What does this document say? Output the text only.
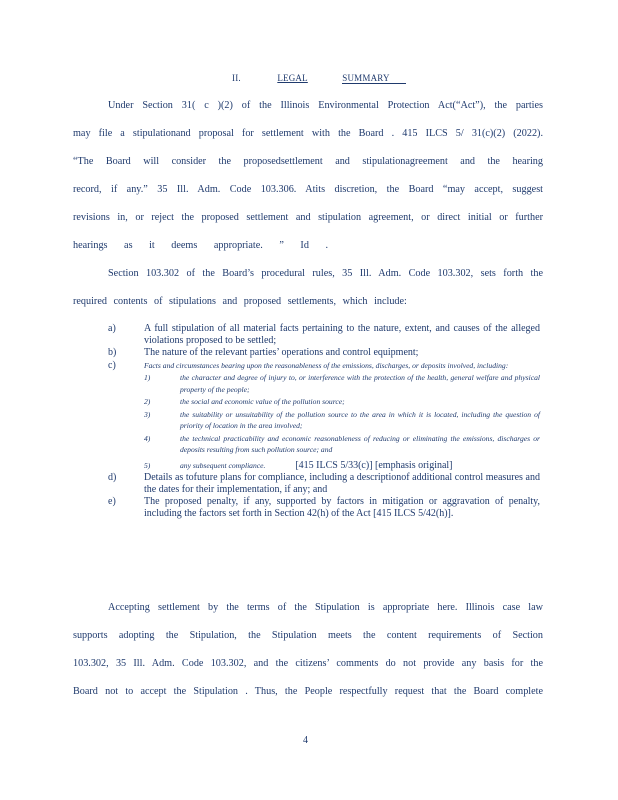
II.	LEGAL	SUMMARY
Under Section 31( c )(2) of the Illinois Environmental Protection Act(“Act”), the parties
may file a stipulationand proposal for settlement with the Board . 415 ILCS 5/ 31(c)(2) (2022).
“The Board will consider the proposedsettlement and stipulationagreement and the hearing
record, if any.” 35 Ill. Adm. Code 103.306. Atits discretion, the Board “may accept, suggest
revisions in, or reject the proposed settlement and stipulation agreement, or direct initial or further
hearings as it deems appropriate. ” Id .
Section 103.302 of the Board’s procedural rules, 35 Ill. Adm. Code 103.302, sets forth the
required contents of stipulations and proposed settlements, which include:
a)	A full stipulation of all material facts pertaining to the nature, extent, and causes of the alleged violations proposed to be settled;
b)	The nature of the relevant parties’ operations and control equipment;
c)	Facts and circumstances bearing upon the reasonableness of the emissions, discharges, or deposits involved, including:
1)	the character and degree of injury to, or interference with the protection of the health, general welfare and physical property of the people;
2)	the social and economic value of the pollution source;
3)	the suitability or unsuitability of the pollution source to the area in which it is located, including the question of priority of location in the area involved;
4)	the technical practicability and economic reasonableness of reducing or eliminating the emissions, discharges or deposits resulting from such pollution source; and
5)	any subsequent compliance.	[415 ILCS 5/33(c)] [emphasis original]
d)	Details as tofuture plans for compliance, including a descriptionof additional control measures and the dates for their implementation, if any; and
e)	The proposed penalty, if any, supported by factors in mitigation or aggravation of penalty, including the factors set forth in Section 42(h) of the Act [415 ILCS 5/42(h)].
Accepting settlement by the terms of the Stipulation is appropriate here. Illinois case law
supports adopting the Stipulation, the Stipulation meets the content requirements of Section
103.302, 35 Ill. Adm. Code 103.302, and the citizens’ comments do not provide any basis for the
Board not to accept the Stipulation . Thus, the People respectfully request that the Board complete
4
